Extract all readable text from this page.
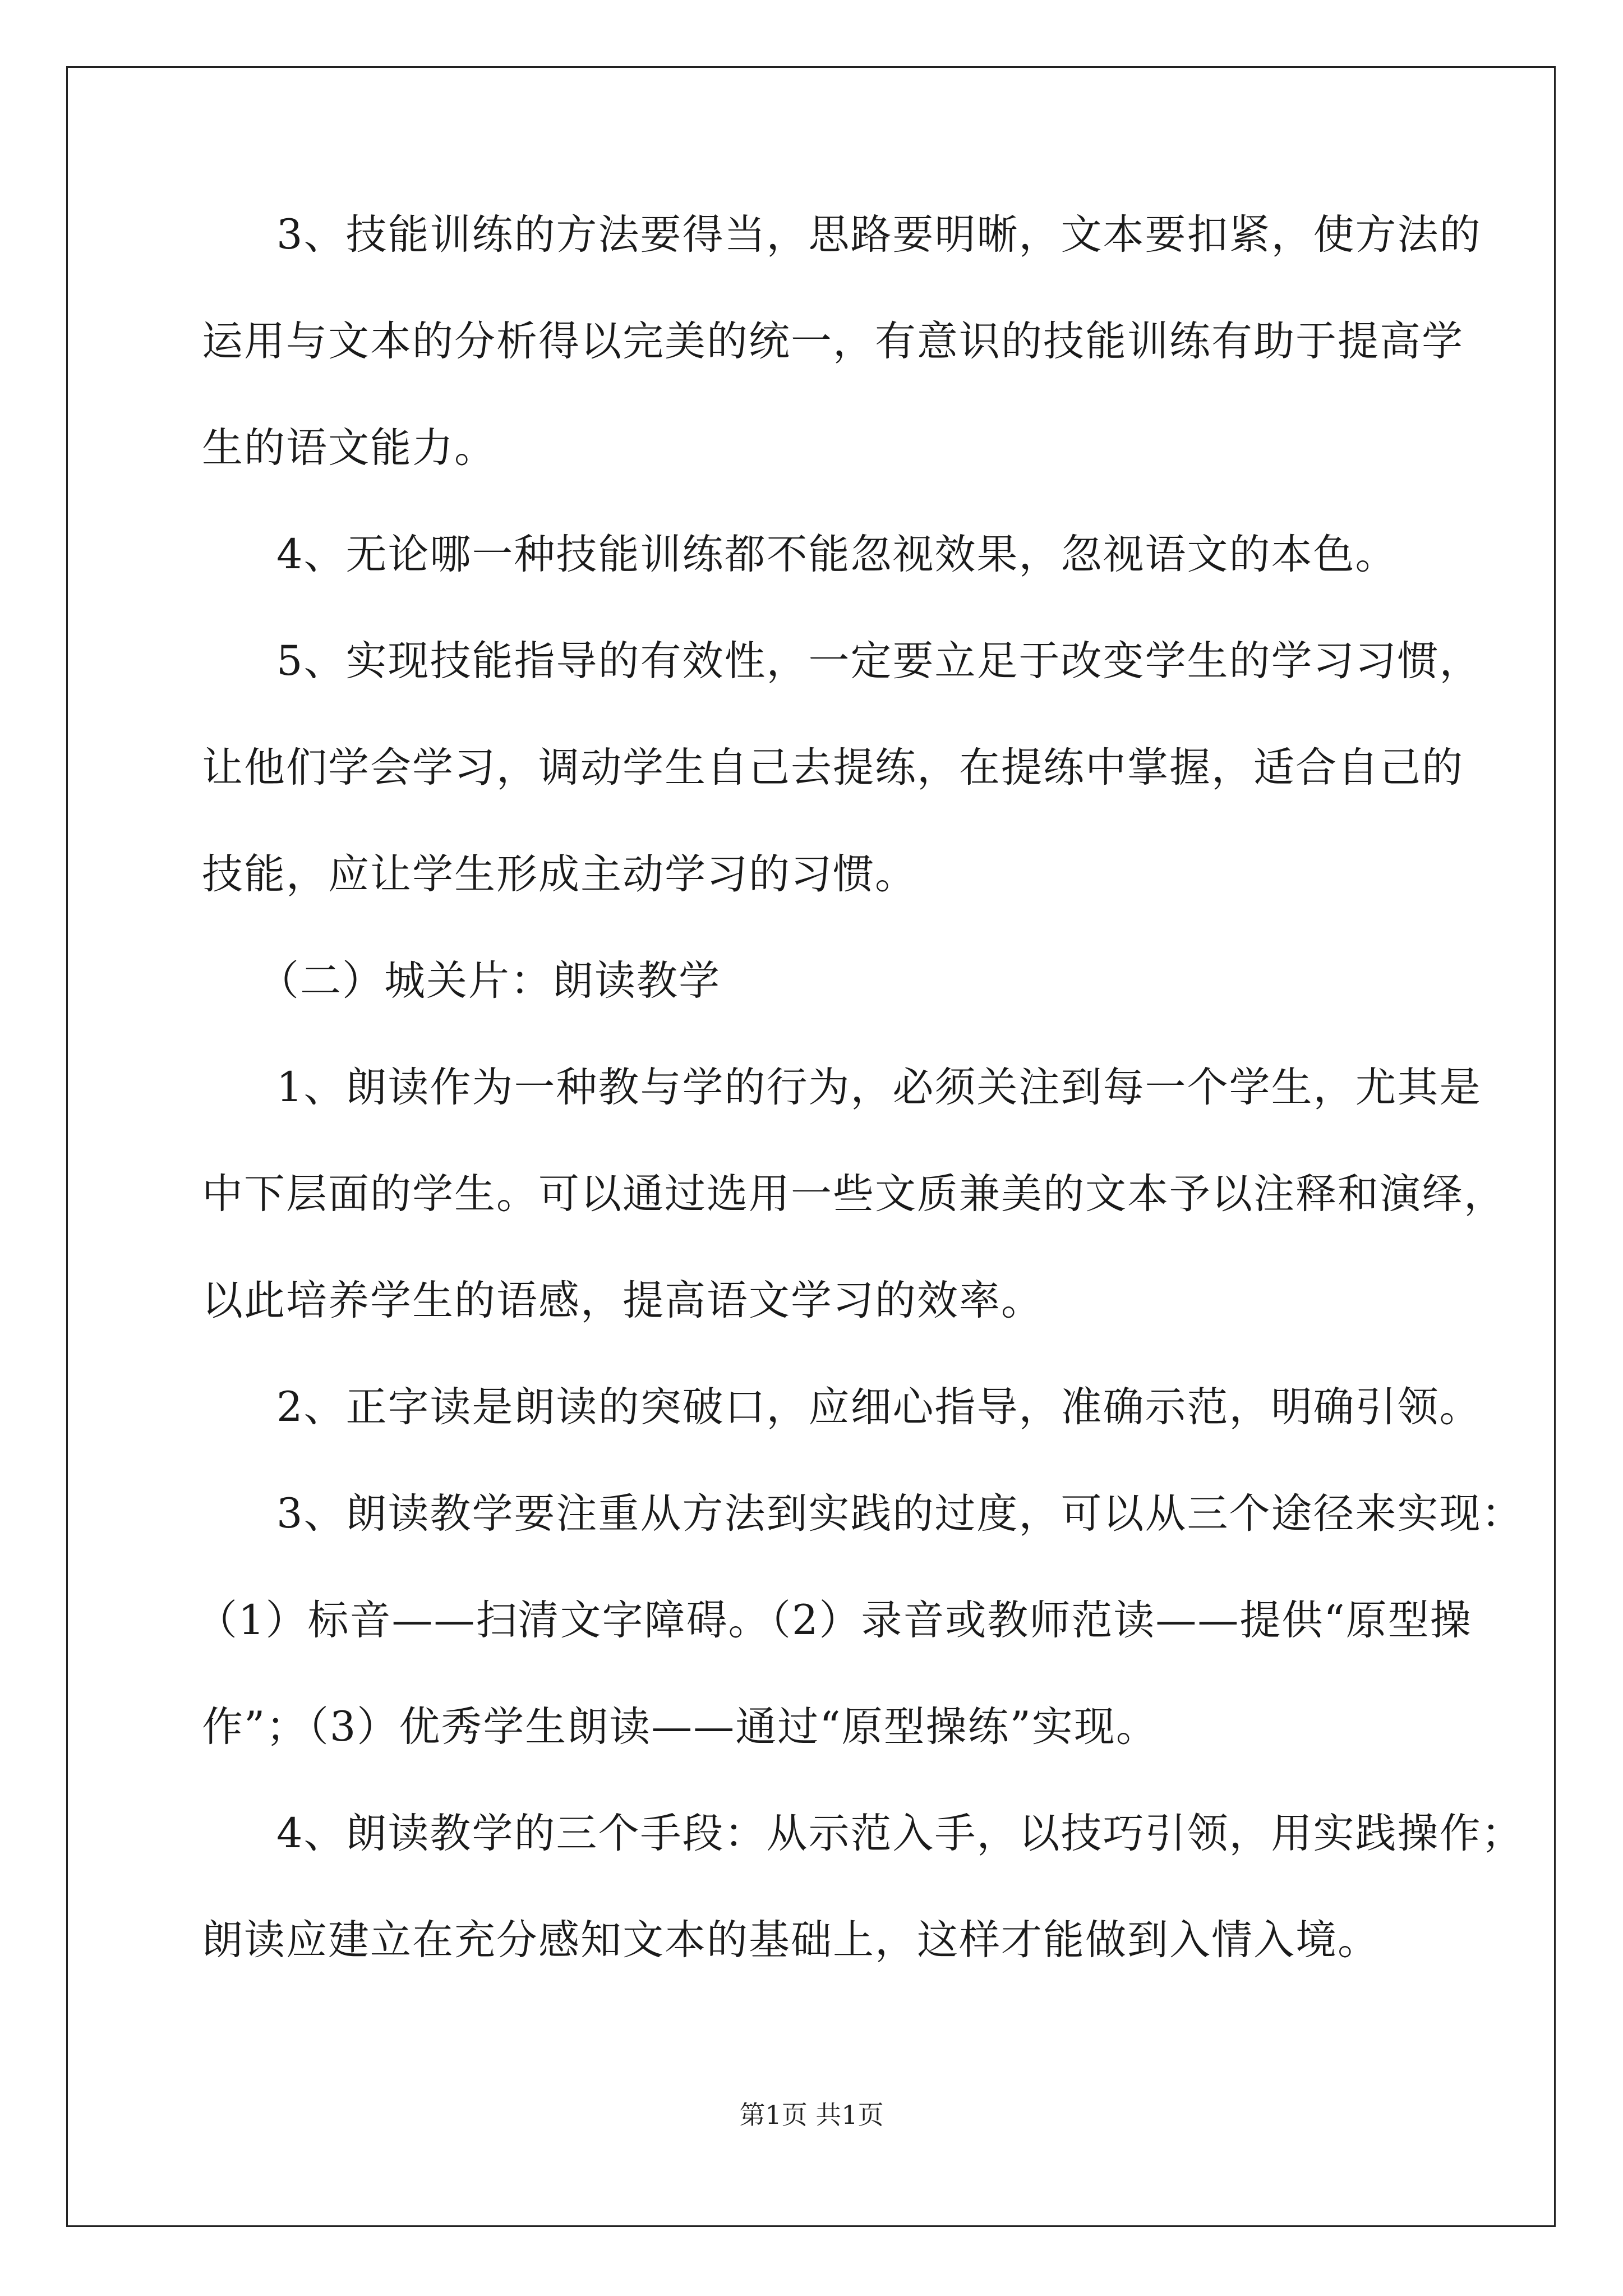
3、技能训练的方法要得当，思路要明晰，文本要扣紧，使方法的
运用与文本的分析得以完美的统一，有意识的技能训练有助于提高学
生的语文能力。
4、无论哪一种技能训练都不能忽视效果，忽视语文的本色。
5、实现技能指导的有效性，一定要立足于改变学生的学习习惯，
让他们学会学习，调动学生自己去提练，在提练中掌握，适合自己的
技能，应让学生形成主动学习的习惯。
（二）城关片：朗读教学
1、朗读作为一种教与学的行为，必须关注到每一个学生，尤其是
中下层面的学生。可以通过选用一些文质兼美的文本予以注释和演绎，
以此培养学生的语感，提高语文学习的效率。
2、正字读是朗读的突破口，应细心指导，准确示范，明确引领。
3、朗读教学要注重从方法到实践的过度，可以从三个途径来实现：
（1）标音——扫清文字障碍。（2）录音或教师范读——提供“原型操
作”；（3）优秀学生朗读——通过“原型操练”实现。
4、朗读教学的三个手段：从示范入手，以技巧引领，用实践操作；
朗读应建立在充分感知文本的基础上，这样才能做到入情入境。
第1页 共1页
